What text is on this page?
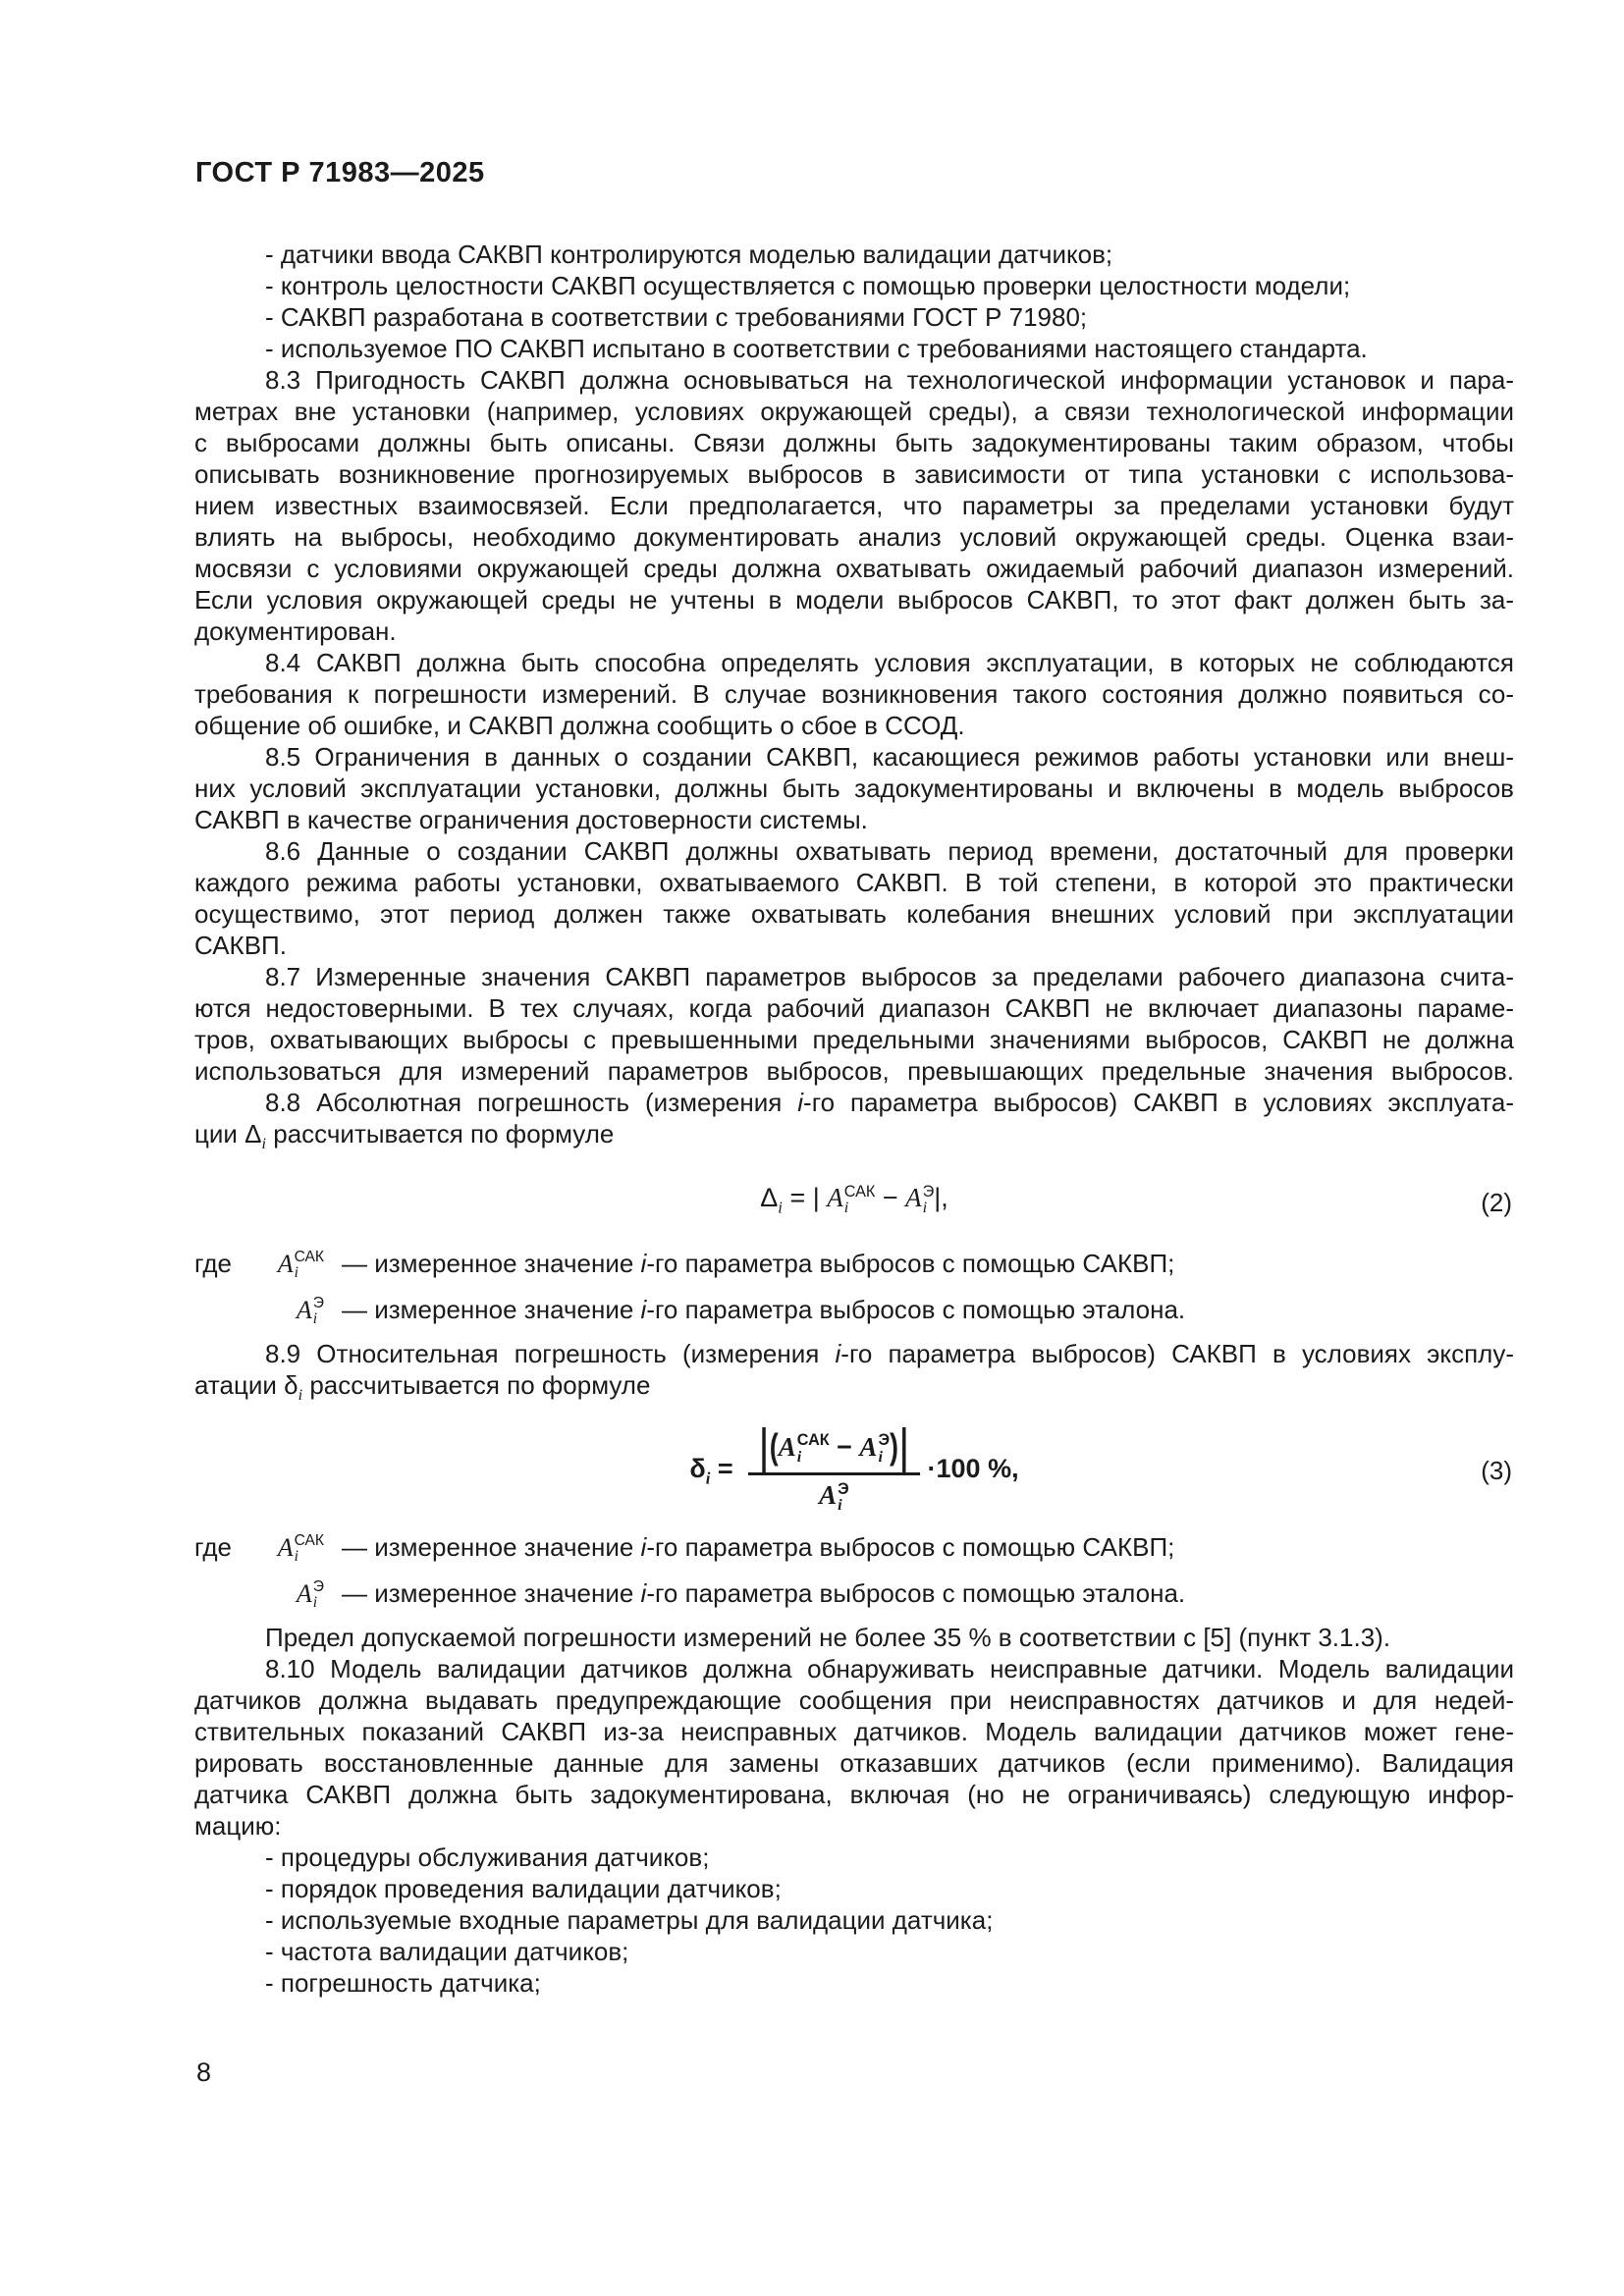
ГОСТ Р 71983—2025
- датчики ввода САКВП контролируются моделью валидации датчиков;
- контроль целостности САКВП осуществляется с помощью проверки целостности модели;
- САКВП разработана в соответствии с требованиями ГОСТ Р 71980;
- используемое ПО САКВП испытано в соответствии с требованиями настоящего стандарта.
8.3 Пригодность САКВП должна основываться на технологической информации установок и пара-
метрах вне установки (например, условиях окружающей среды), а связи технологической информации
с выбросами должны быть описаны. Связи должны быть задокументированы таким образом, чтобы
описывать возникновение прогнозируемых выбросов в зависимости от типа установки с использова-
нием известных взаимосвязей. Если предполагается, что параметры за пределами установки будут
влиять на выбросы, необходимо документировать анализ условий окружающей среды. Оценка взаи-
мосвязи с условиями окружающей среды должна охватывать ожидаемый рабочий диапазон измерений.
Если условия окружающей среды не учтены в модели выбросов САКВП, то этот факт должен быть за-
документирован.
8.4 САКВП должна быть способна определять условия эксплуатации, в которых не соблюдаются
требования к погрешности измерений. В случае возникновения такого состояния должно появиться со-
общение об ошибке, и САКВП должна сообщить о сбое в ССОД.
8.5 Ограничения в данных о создании САКВП, касающиеся режимов работы установки или внеш-
них условий эксплуатации установки, должны быть задокументированы и включены в модель выбросов
САКВП в качестве ограничения достоверности системы.
8.6 Данные о создании САКВП должны охватывать период времени, достаточный для проверки
каждого режима работы установки, охватываемого САКВП. В той степени, в которой это практически
осуществимо, этот период должен также охватывать колебания внешних условий при эксплуатации
САКВП.
8.7 Измеренные значения САКВП параметров выбросов за пределами рабочего диапазона счита-
ются недостоверными. В тех случаях, когда рабочий диапазон САКВП не включает диапазоны параме-
тров, охватывающих выбросы с превышенными предельными значениями выбросов, САКВП не должна
использоваться для измерений параметров выбросов, превышающих предельные значения выбросов.
8.8 Абсолютная погрешность (измерения i-го параметра выбросов) САКВП в условиях эксплуата-
ции $\Delta_i$ рассчитывается по формуле
$\Delta_i$ = | A САК
i	− A Э
i |,	(2)
где	A САК
i	— измеренное значение i-го параметра выбросов с помощью САКВП;
A Э
i — измеренное значение i-го параметра выбросов с помощью эталона.
8.9 Относительная погрешность (измерения i-го параметра выбросов) САКВП в условиях эксплу-
атации $\delta_i$ рассчитывается по формуле
$\delta_i = |(A$ САК
i	− A Э
i )|
A Э
i ·100 %,	(3)
где	A САК
i	— измеренное значение i-го параметра выбросов с помощью САКВП;
A Э
i — измеренное значение i-го параметра выбросов с помощью эталона.
Предел допускаемой погрешности измерений не более 35 % в соответствии с [5] (пункт 3.1.3).
8.10 Модель валидации датчиков должна обнаруживать неисправные датчики. Модель валидации
датчиков должна выдавать предупреждающие сообщения при неисправностях датчиков и для недей-
ствительных показаний САКВП из-за неисправных датчиков. Модель валидации датчиков может гене-
рировать восстановленные данные для замены отказавших датчиков (если применимо). Валидация
датчика САКВП должна быть задокументирована, включая (но не ограничиваясь) следующую инфор-
мацию:
- процедуры обслуживания датчиков;
- порядок проведения валидации датчиков;
- используемые входные параметры для валидации датчика;
- частота валидации датчиков;
- погрешность датчика;
8
